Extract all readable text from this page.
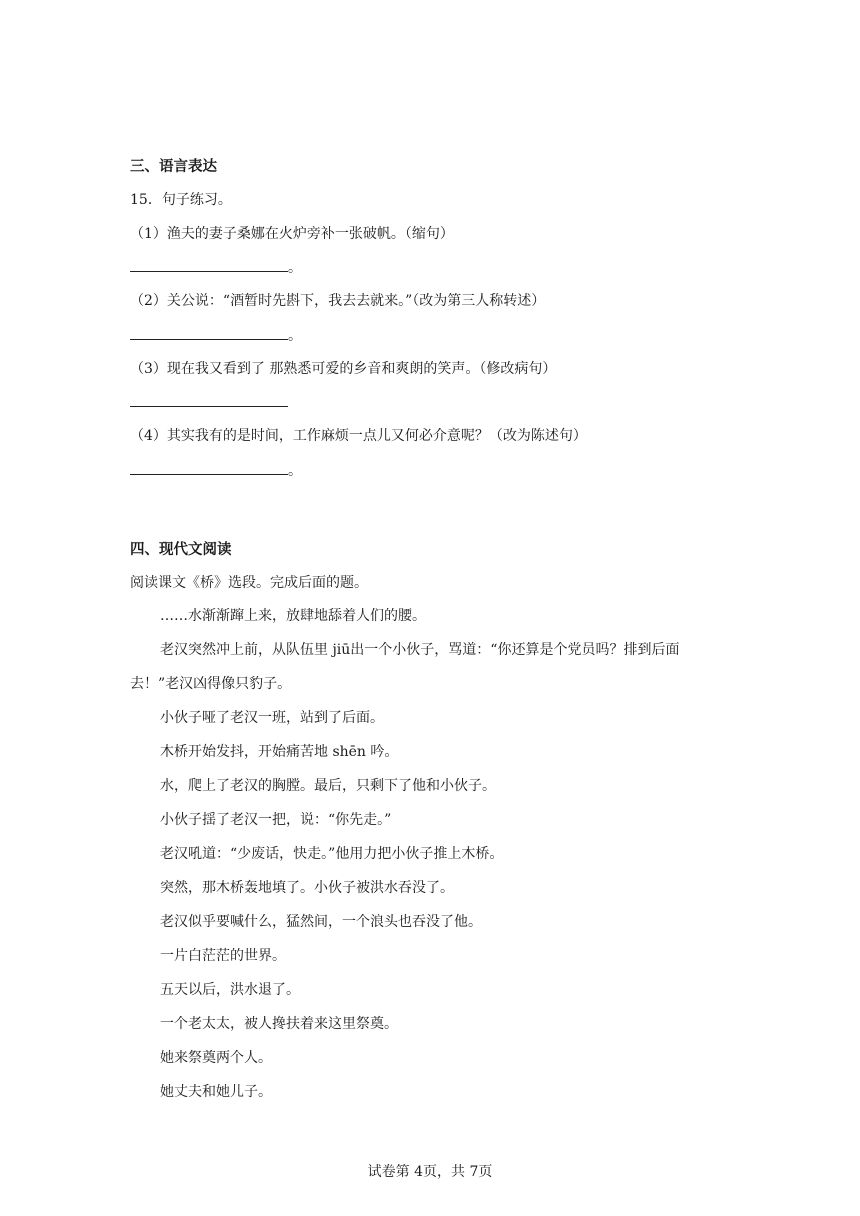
三、语言表达
15．句子练习。
（1）渔夫的妻子桑娜在火炉旁补一张破帆。（缩句）
。
（2）关公说：“酒暂时先斟下，我去去就来。”（改为第三人称转述）
。
（3）现在我又看到了 那熟悉可爱的乡音和爽朗的笑声。（修改病句）
（4）其实我有的是时间，工作麻烦一点儿又何必介意呢？（改为陈述句）
。
四、现代文阅读
阅读课文《桥》选段。完成后面的题。
……水渐渐蹿上来，放肆地舔着人们的腰。
老汉突然冲上前，从队伍里 jiū出一个小伙子，骂道：“你还算是个党员吗？排到后面
去！”老汉凶得像只豹子。
小伙子哑了老汉一班，站到了后面。
木桥开始发抖，开始痛苦地 shēn 吟。
水，爬上了老汉的胸膛。最后，只剩下了他和小伙子。
小伙子揺了老汉一把，说：“你先走。”
老汉吼道：“少废话，快走。”他用力把小伙子推上木桥。
突然，那木桥轰地填了。小伙子被洪水吞没了。
老汉似乎要喊什么，猛然间，一个浪头也吞没了他。
一片白茫茫的世界。
五天以后，洪水退了。
一个老太太，被人搀扶着来这里祭奠。
她来祭奠两个人。
她丈夫和她儿子。
试卷第 4页，共 7页
